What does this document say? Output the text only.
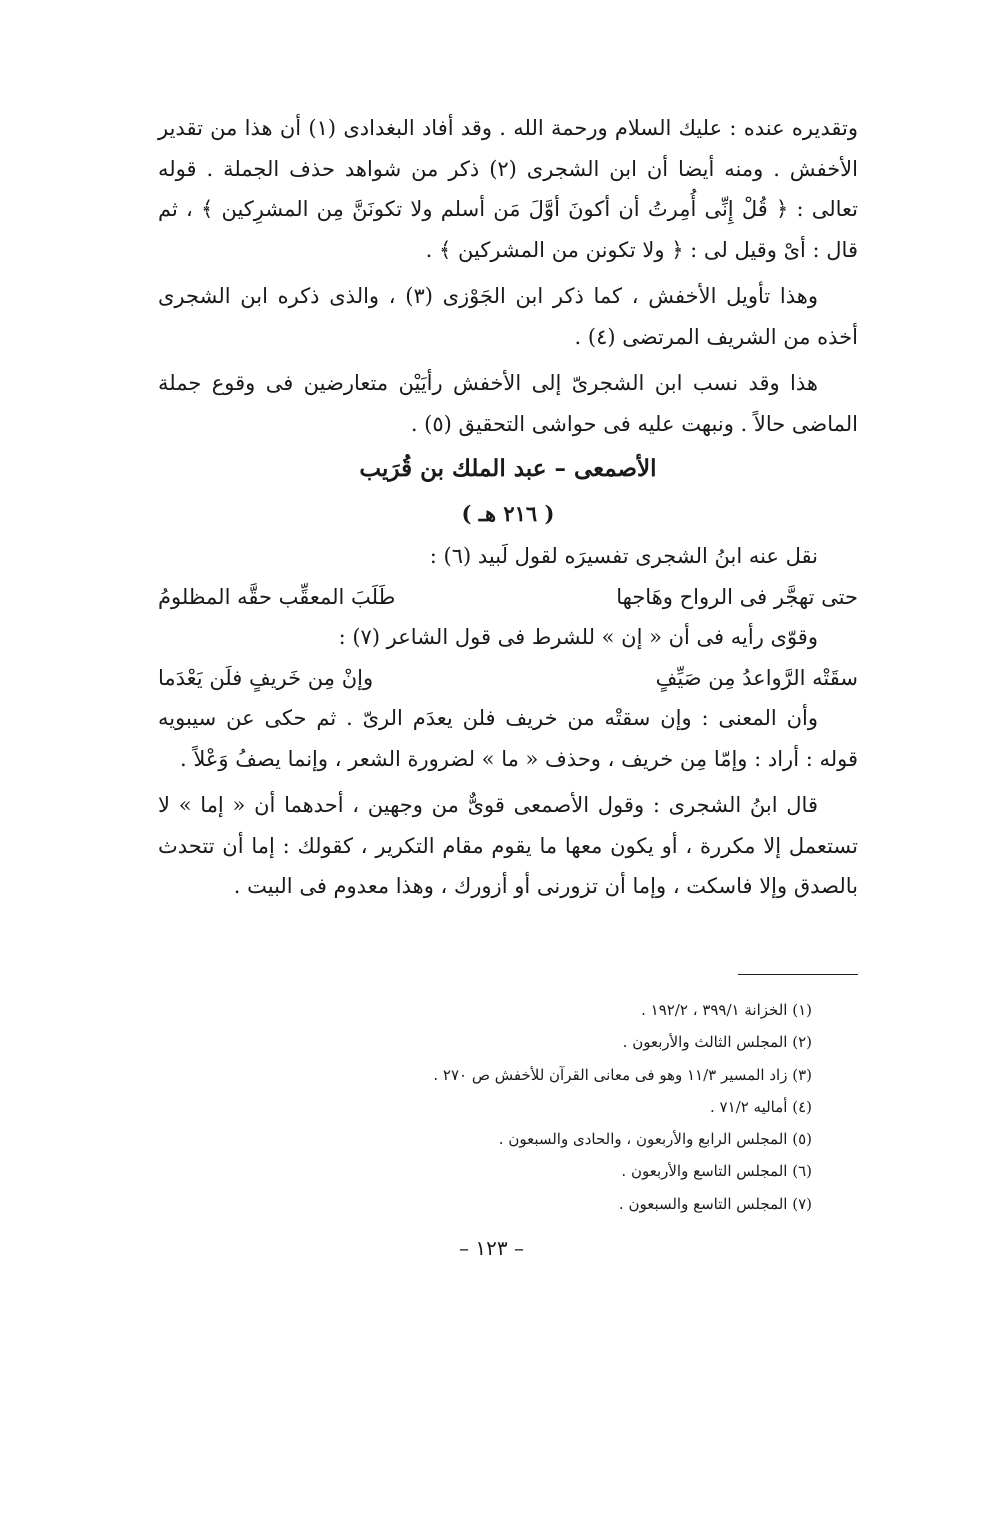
وتقديره عنده : عليك السلام ورحمة الله . وقد أفاد البغدادى (١) أن هذا من تقدير الأخفش . ومنه أيضا أن ابن الشجرى (٢) ذكر من شواهد حذف الجملة . قوله تعالى : ﴿ قُلْ إِنِّى أُمِرتُ أن أكونَ أوَّلَ مَن أسلم ولا تكونَنَّ مِن المشرِكين ﴾ ، ثم قال : أىْ وقيل لى : ﴿ ولا تكونن من المشركين ﴾ .

وهذا تأويل الأخفش ، كما ذكر ابن الجَوْزى (٣) ، والذى ذكره ابن الشجرى أخذه من الشريف المرتضى (٤) .

هذا وقد نسب ابن الشجرىّ إلى الأخفش رأيَيْن متعارضين فى وقوع جملة الماضى حالاً . ونبهت عليه فى حواشى التحقيق (٥) .

الأصمعى – عبد الملك بن قُرَيب
( ٢١٦ هـ )

نقل عنه ابنُ الشجرى تفسيرَه لقول لَبيد (٦) :

حتى تهجَّر فى الرواح وهَاجها
طَلَبَ المعقِّب حقَّه المظلومُ

وقوّى رأيه فى أن « إن » للشرط فى قول الشاعر (٧) :

سقَتْه الرَّواعدُ مِن صَيِّفٍ
وإنْ مِن خَريفٍ فلَن يَعْدَما

وأن المعنى : وإن سقتْه من خريف فلن يعدَم الرىّ . ثم حكى عن سيبويه قوله : أراد : وإمّا مِن خريف ، وحذف « ما » لضرورة الشعر ، وإنما يصفُ وَعْلاً .

قال ابنُ الشجرى : وقول الأصمعى قوىٌّ من وجهين ، أحدهما أن « إما » لا تستعمل إلا مكررة ، أو يكون معها ما يقوم مقام التكرير ، كقولك : إما أن تتحدث بالصدق وإلا فاسكت ، وإما أن تزورنى أو أزورك ، وهذا معدوم فى البيت .

(١) الخزانة ٣٩٩/١ ، ١٩٢/٢ .
(٢) المجلس الثالث والأربعون .
(٣) زاد المسير ١١/٣ وهو فى معانى القرآن للأخفش ص ٢٧٠ .
(٤) أماليه ٧١/٢ .
(٥) المجلس الرابع والأربعون ، والحادى والسبعون .
(٦) المجلس التاسع والأربعون .
(٧) المجلس التاسع والسبعون .
– ١٢٣ –
